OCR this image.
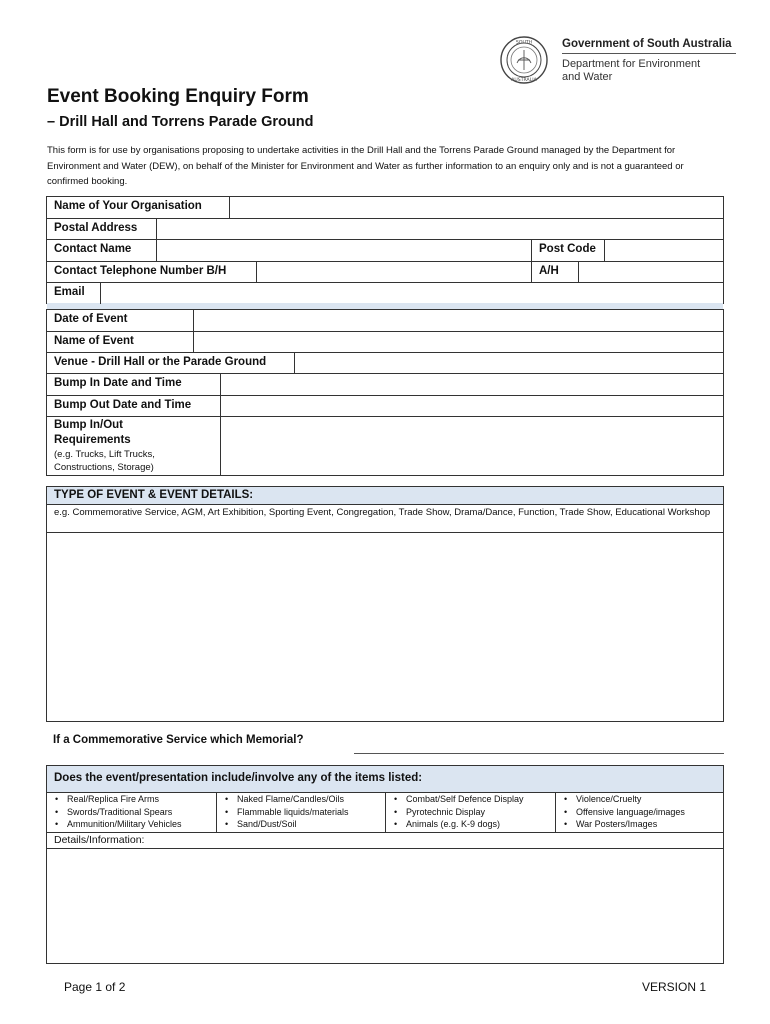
SOUTH
AUSTRALIA
Government of South Australia
Department for Environment
and Water
Event Booking Enquiry Form
– Drill Hall and Torrens Parade Ground
This form is for use by organisations proposing to undertake activities in the Drill Hall and the Torrens Parade Ground managed by the Department for Environment and Water (DEW), on behalf of the Minister for Environment and Water as further information to an enquiry only and is not a guaranteed or confirmed booking.
Name of Your Organisation
Postal Address
Contact Name	Post Code
Contact Telephone Number B/H	A/H
Email
Date of Event
Name of Event
Venue - Drill Hall or the Parade Ground
Bump In Date and Time
Bump Out Date and Time
Bump In/Out
Requirements
(e.g. Trucks, Lift Trucks,
Constructions, Storage)
TYPE OF EVENT & EVENT DETAILS:
e.g. Commemorative Service, AGM, Art Exhibition, Sporting Event, Congregation, Trade Show, Drama/Dance, Function, Trade Show, Educational Workshop
If a Commemorative Service which Memorial?
Does the event/presentation include/involve any of the items listed:
• Real/Replica Fire Arms
• Swords/Traditional Spears
• Ammunition/Military Vehicles
• Naked Flame/Candles/Oils
• Flammable liquids/materials
• Sand/Dust/Soil
• Combat/Self Defence Display
• Pyrotechnic Display
• Animals (e.g. K-9 dogs)
• Violence/Cruelty
• Offensive language/images
• War Posters/Images
Details/Information:
Page 1 of 2	VERSION 1
